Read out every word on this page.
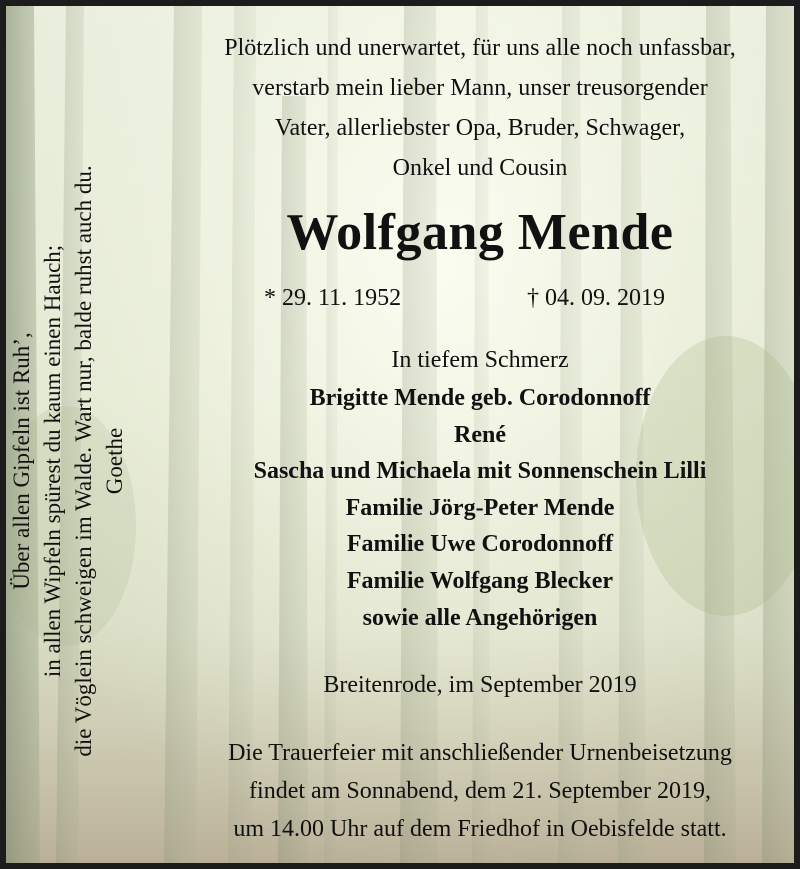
Über allen Gipfeln ist Ruh’, in allen Wipfeln spürest du kaum einen Hauch; die Vöglein schweigen im Walde. Wart nur, balde ruhst auch du. Goethe

Plötzlich und unerwartet, für uns alle noch unfassbar,
verstarb mein lieber Mann, unser treusorgender
Vater, allerliebster Opa, Bruder, Schwager,
Onkel und Cousin

Wolfgang Mende
* 29. 11. 1952	† 04. 09. 2019
In tiefem Schmerz
Brigitte Mende geb. Corodonnoff
René
Sascha und Michaela mit Sonnenschein Lilli
Familie Jörg-Peter Mende
Familie Uwe Corodonnoff
Familie Wolfgang Blecker
sowie alle Angehörigen
Breitenrode, im September 2019

Die Trauerfeier mit anschließender Urnenbeisetzung
findet am Sonnabend, dem 21. September 2019,
um 14.00 Uhr auf dem Friedhof in Oebisfelde statt.
